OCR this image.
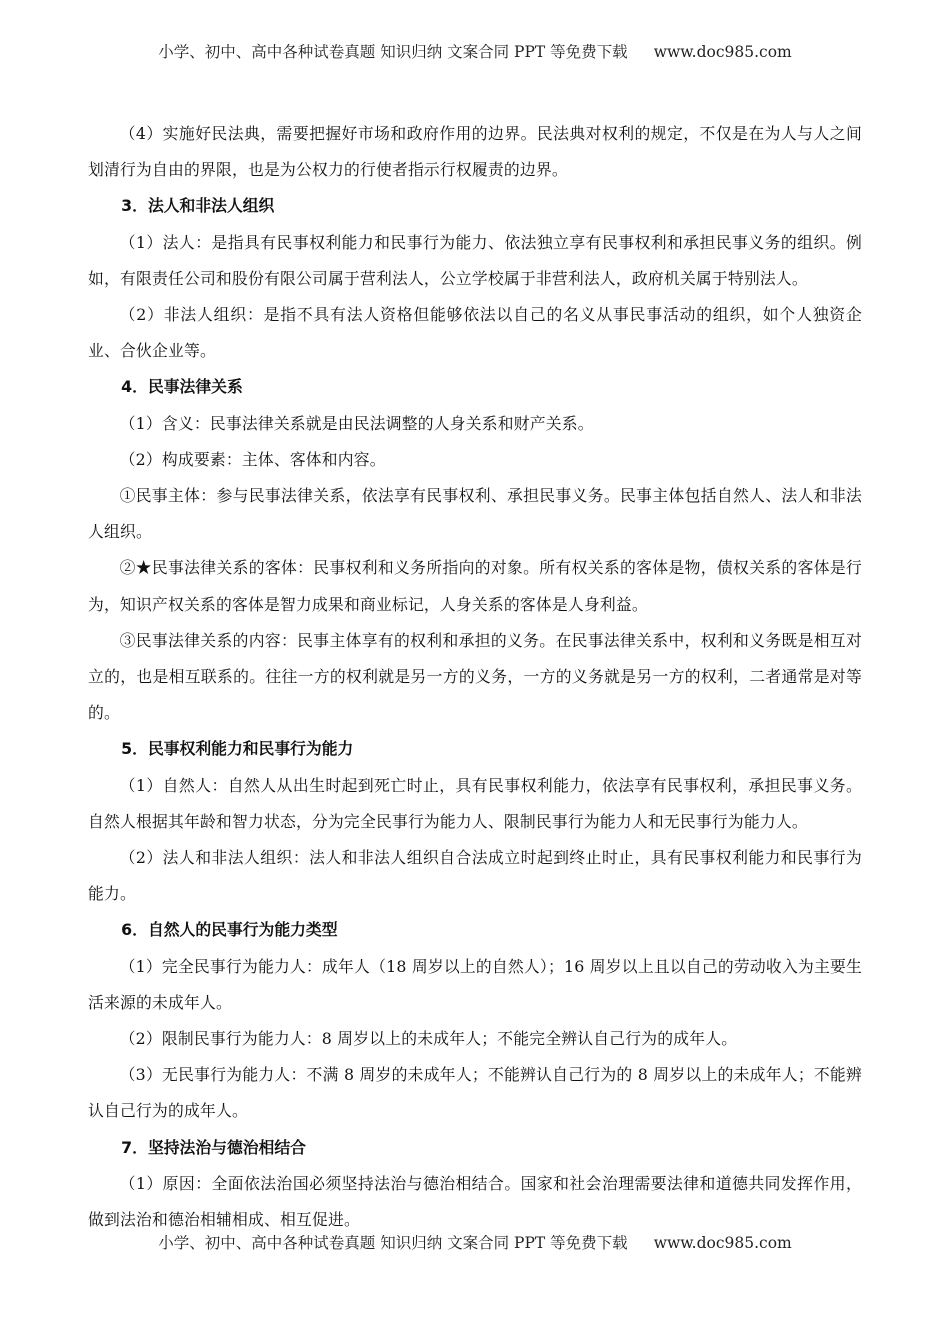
小学、初中、高中各种试卷真题 知识归纳 文案合同 PPT 等免费下载 www.doc985.com

（4）实施好民法典，需要把握好市场和政府作用的边界。民法典对权利的规定，不仅是在为人与人之间划清行为自由的界限，也是为公权力的行使者指示行权履责的边界。

3．法人和非法人组织

（1）法人：是指具有民事权利能力和民事行为能力、依法独立享有民事权利和承担民事义务的组织。例如，有限责任公司和股份有限公司属于营利法人，公立学校属于非营利法人，政府机关属于特别法人。

（2）非法人组织：是指不具有法人资格但能够依法以自己的名义从事民事活动的组织，如个人独资企业、合伙企业等。

4．民事法律关系

（1）含义：民事法律关系就是由民法调整的人身关系和财产关系。

（2）构成要素：主体、客体和内容。

①民事主体：参与民事法律关系，依法享有民事权利、承担民事义务。民事主体包括自然人、法人和非法人组织。

②★民事法律关系的客体：民事权利和义务所指向的对象。所有权关系的客体是物，债权关系的客体是行为，知识产权关系的客体是智力成果和商业标记，人身关系的客体是人身利益。

③民事法律关系的内容：民事主体享有的权利和承担的义务。在民事法律关系中，权利和义务既是相互对立的，也是相互联系的。往往一方的权利就是另一方的义务，一方的义务就是另一方的权利，二者通常是对等的。

5．民事权利能力和民事行为能力

（1）自然人：自然人从出生时起到死亡时止，具有民事权利能力，依法享有民事权利，承担民事义务。自然人根据其年龄和智力状态，分为完全民事行为能力人、限制民事行为能力人和无民事行为能力人。

（2）法人和非法人组织：法人和非法人组织自合法成立时起到终止时止，具有民事权利能力和民事行为能力。

6．自然人的民事行为能力类型

（1）完全民事行为能力人：成年人（18 周岁以上的自然人）；16 周岁以上且以自己的劳动收入为主要生活来源的未成年人。

（2）限制民事行为能力人：8 周岁以上的未成年人；不能完全辨认自己行为的成年人。

（3）无民事行为能力人：不满 8 周岁的未成年人；不能辨认自己行为的 8 周岁以上的未成年人；不能辨认自己行为的成年人。

7．坚持法治与德治相结合

（1）原因：全面依法治国必须坚持法治与德治相结合。国家和社会治理需要法律和道德共同发挥作用，做到法治和德治相辅相成、相互促进。

小学、初中、高中各种试卷真题 知识归纳 文案合同 PPT 等免费下载 www.doc985.com
